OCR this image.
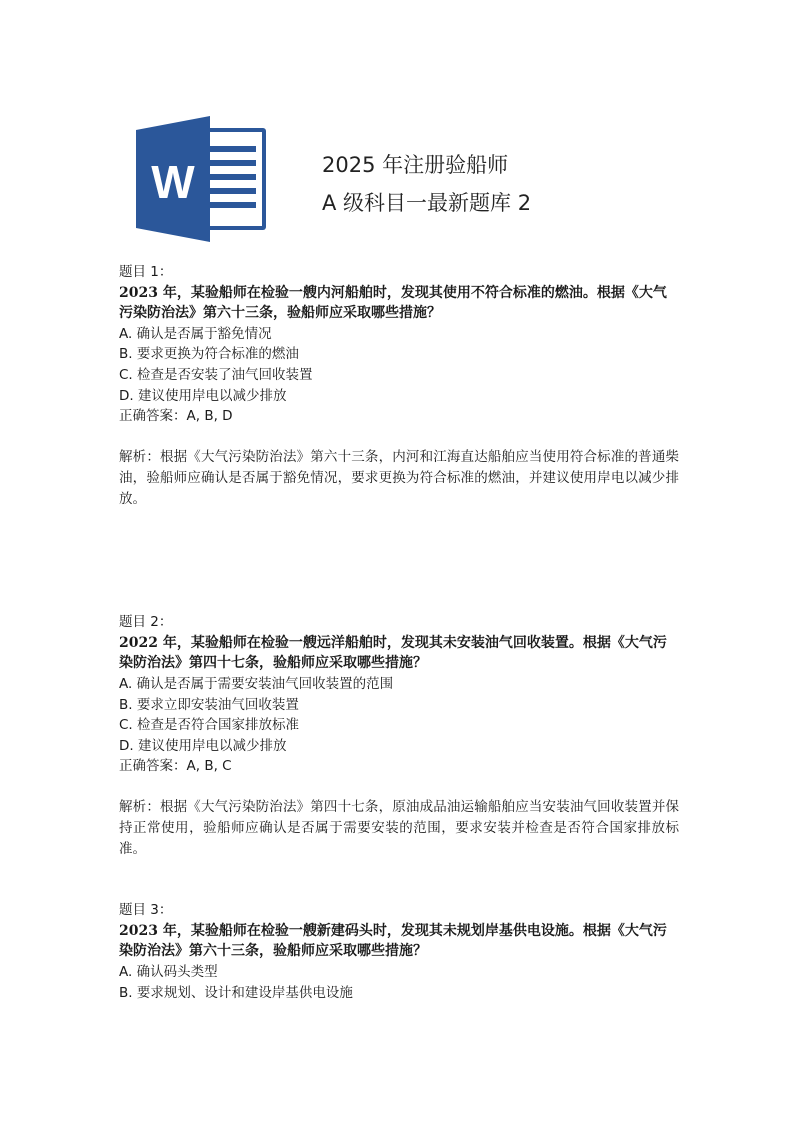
W	2025 年注册验船师
A 级科目一最新题库 2
题目 1：
2023 年，某验船师在检验一艘内河船舶时，发现其使用不符合标准的燃油。根据《大气污染防治法》第六十三条，验船师应采取哪些措施？
A. 确认是否属于豁免情况
B. 要求更换为符合标准的燃油
C. 检查是否安装了油气回收装置
D. 建议使用岸电以减少排放
正确答案：A, B, D
解析：根据《大气污染防治法》第六十三条，内河和江海直达船舶应当使用符合标准的普通柴油，验船师应确认是否属于豁免情况，要求更换为符合标准的燃油，并建议使用岸电以减少排放。
题目 2：
2022 年，某验船师在检验一艘远洋船舶时，发现其未安装油气回收装置。根据《大气污染防治法》第四十七条，验船师应采取哪些措施？
A. 确认是否属于需要安装油气回收装置的范围
B. 要求立即安装油气回收装置
C. 检查是否符合国家排放标准
D. 建议使用岸电以减少排放
正确答案：A, B, C
解析：根据《大气污染防治法》第四十七条，原油成品油运输船舶应当安装油气回收装置并保持正常使用，验船师应确认是否属于需要安装的范围，要求安装并检查是否符合国家排放标准。
题目 3：
2023 年，某验船师在检验一艘新建码头时，发现其未规划岸基供电设施。根据《大气污染防治法》第六十三条，验船师应采取哪些措施？
A. 确认码头类型
B. 要求规划、设计和建设岸基供电设施
